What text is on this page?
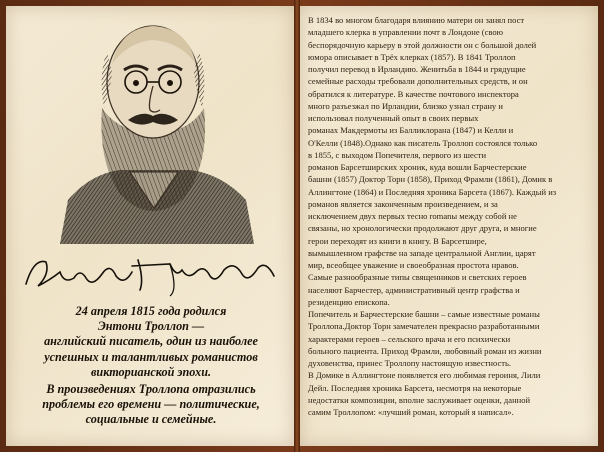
24 апреля 1815 года родился

Энтони Троллоп —

английский писатель, один из наиболее

успешных и талантливых романистов

викторианской эпохи.

В произведениях Троллопа отразились

проблемы его времени — политические,

социальные и семейные.

В 1834 во многом благодаря влиянию матери он занял пост
младшего клерка в управлении почт в Лондоне (свою
беспорядочную карьеру в этой должности он с большой долей
юмора описывает в Трёх клерках (1857). В 1841 Троллоп
получил перевод в Ирландию. Женитьба в 1844 и грядущие
семейные расходы требовали дополнительных средств, и он
обратился к литературе. В качестве почтового инспектора
много разъезжал по Ирландии, близко узнал страну и
использовал полученный опыт в своих первых
романах Макдермоты из Балликлорана (1847) и Келли и
О'Келли (1848).Однако как писатель Троллоп состоялся только
в 1855, с выходом Попечителя, первого из шести
романов Барсетширских хроник, куда вошли Барчестерские
башни (1857) Доктор Торн (1858), Приход Фрамли (1861), Домик в
Аллингтоне (1864) и Последняя хроника Барсета (1867). Каждый из
романов является законченным произведением, и за
исключением двух первых тесно romanы между собой не
связаны, но хронологически продолжают друг друга, и многие
герои переходят из книги в книгу. В Барсетшире,
вымышленном графстве на западе центральной Англии, царят
мир, всеобщее уважение и своеобразная простота нравов.
Самые разнообразные типы священников и светских героев
населяют Барчестер, административный центр графства и
резиденцию епископа.
Попечитель и Барчестерские башни – самые известные романы
Троллопа.Доктор Торн замечателен прекрасно разработанными
характерами героев – сельского врача и его психически
больного пациента. Приход Фрамли, любовный роман из жизни
духовенства, принес Троллопу настоящую известность.
В Домике в Аллингтоне появляется его любимая героиня, Лили
Дейл. Последняя хроника Барсета, несмотря на некоторые
недостатки композиции, вполне заслуживает оценки, данной
самим Троллопом: «лучший роман, который я написал».
